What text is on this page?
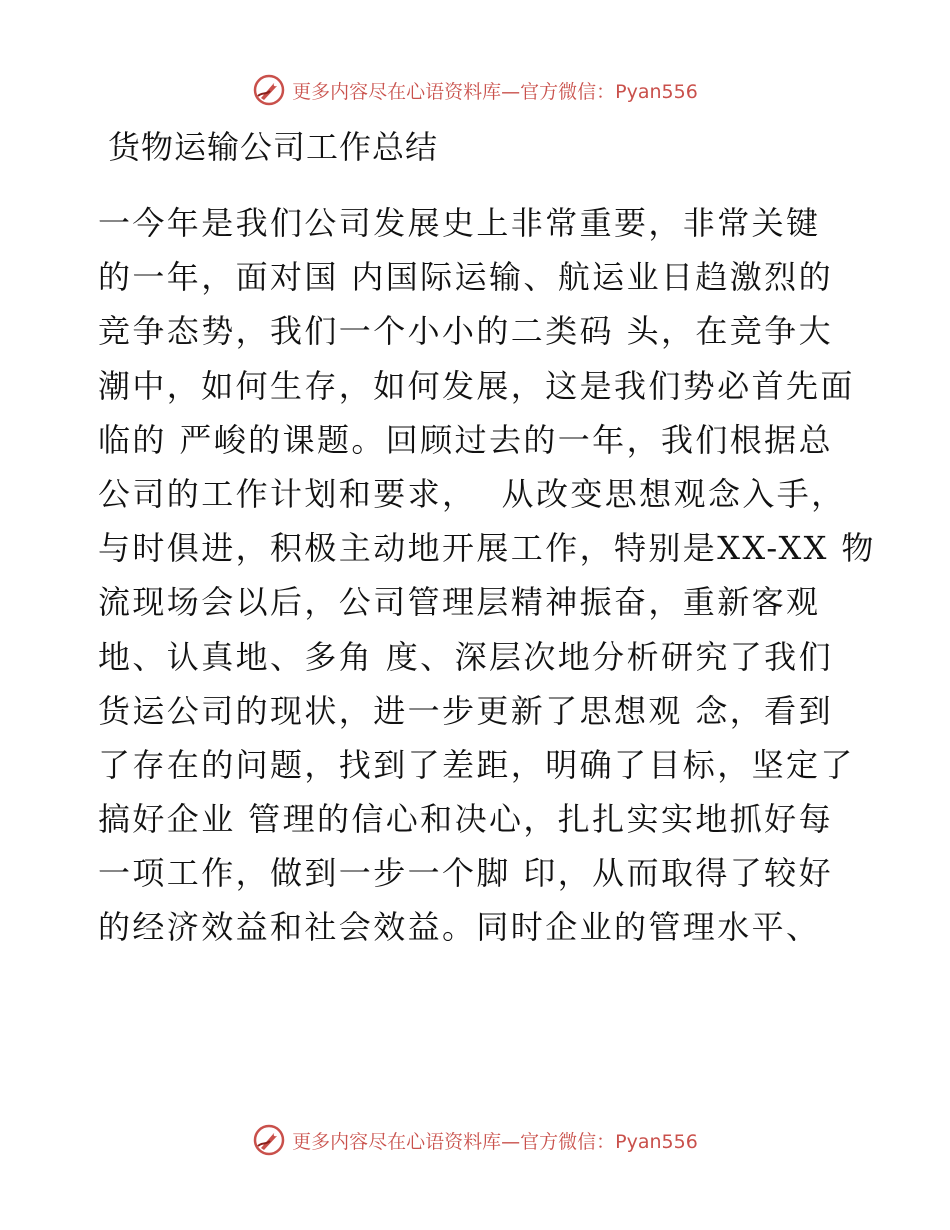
更多内容尽在心语资料库—官方微信：Pyan556
货物运输公司工作总结
一今年是我们公司发展史上非常重要，非常关键
的一年，面对国 内国际运输、航运业日趋激烈的
竞争态势，我们一个小小的二类码 头，在竞争大
潮中，如何生存，如何发展，这是我们势必首先面
临的 严峻的课题。回顾过去的一年，我们根据总
公司的工作计划和要求，  从改变思想观念入手，
与时俱进，积极主动地开展工作，特别是XX-XX 物
流现场会以后，公司管理层精神振奋，重新客观
地、认真地、多角 度、深层次地分析研究了我们
货运公司的现状，进一步更新了思想观 念，看到
了存在的问题，找到了差距，明确了目标，坚定了
搞好企业 管理的信心和决心，扎扎实实地抓好每
一项工作，做到一步一个脚 印，从而取得了较好
的经济效益和社会效益。同时企业的管理水平、
更多内容尽在心语资料库—官方微信：Pyan556
